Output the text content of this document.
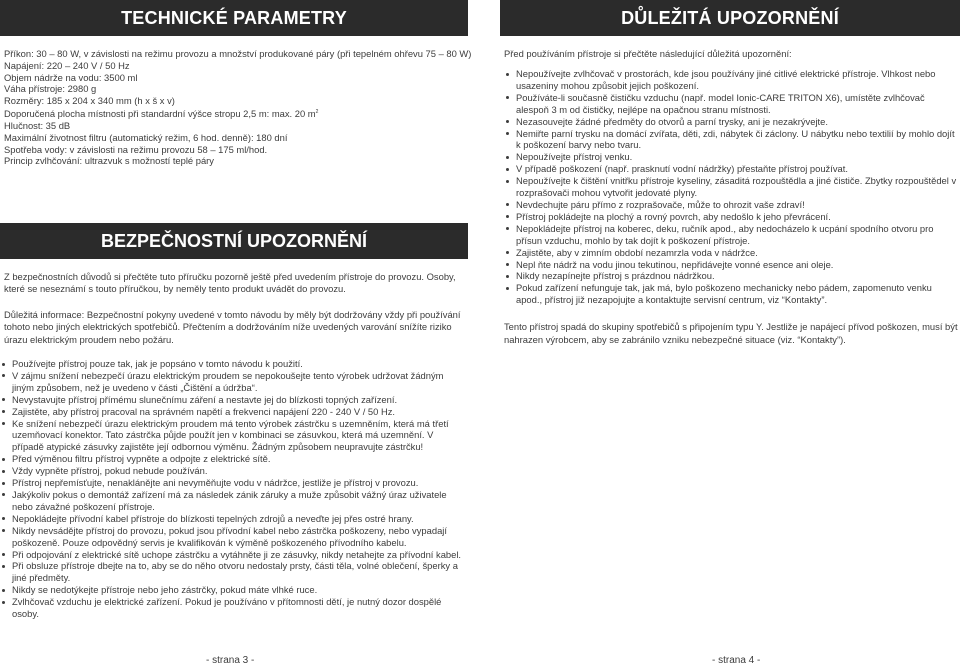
TECHNICKÉ PARAMETRY
Příkon: 30 – 80 W, v závislosti na režimu provozu a množství produkované páry (při tepelném ohřevu 75 – 80 W)
Napájení: 220 – 240 V / 50 Hz
Objem nádrže na vodu: 3500 ml
Váha přístroje: 2980 g
Rozměry: 185 x 204 x 340 mm (h x š x v)
Doporučená plocha místnosti při standardní výšce stropu 2,5 m: max. 20 $m^2$
Hlučnost: 35 dB
Maximální životnost filtru (automatický režim, 6 hod. denně): 180 dní
Spotřeba vody: v závislosti na režimu provozu 58 – 175 ml/hod.
Princip zvlhčování: ultrazvuk s možností teplé páry
BEZPEČNOSTNÍ UPOZORNĚNÍ

Z bezpečnostních důvodů si přečtěte tuto příručku pozorně ještě před uvedením přístroje do provozu. Osoby, které se neseznámí s touto příručkou, by neměly tento produkt uvádět do provozu.

Důležitá informace: Bezpečnostní pokyny uvedené v tomto návodu by měly být dodržovány vždy při používání tohoto nebo jiných elektrických spotřebičů. Přečtením a dodržováním níže uvedených varování snížíte riziko úrazu elektrickým proudem nebo požáru.

Používejte přístroj pouze tak, jak je popsáno v tomto návodu k použití.
V zájmu snížení nebezpečí úrazu elektrickým proudem se nepokoušejte tento výrobek udržovat žádným jiným způsobem, než je uvedeno v části „Čištění a údržba“.
Nevystavujte přístroj přímému slunečnímu záření a nestavte jej do blízkosti topných zařízení.
Zajistěte, aby přístroj pracoval na správném napětí a frekvenci napájení 220 - 240 V / 50 Hz.
Ke snížení nebezpečí úrazu elektrickým proudem má tento výrobek zástrčku s uzemněním, která má třetí uzemňovací konektor. Tato zástrčka půjde použít jen v kombinaci se zásuvkou, která má uzemnění. V případě atypické zásuvky zajistěte její odbornou výměnu. Žádným způsobem neupravujte zástrčku!
Před výměnou filtru přístroj vypněte a odpojte z elektrické sítě.
Vždy vypněte přístroj, pokud nebude používán.
Přístroj nepřemísťujte, nenaklánějte ani nevyměňujte vodu v nádržce, jestliže je přístroj v provozu.
Jakýkoliv pokus o demontáž zařízení má za následek zánik záruky a muže způsobit vážný úraz uživatele nebo závažné poškození přístroje.
Nepokládejte přívodní kabel přístroje do blízkosti tepelných zdrojů a neveďte jej přes ostré hrany.
Nikdy nevsádějte přístroj do provozu, pokud jsou přívodní kabel nebo zástrčka poškozeny, nebo vypadají poškozeně. Pouze odpovědný servis je kvalifikován k výměně poškozeného přívodního kabelu.
Při odpojování z elektrické sítě uchope zástrčku a vytáhněte ji ze zásuvky, nikdy netahejte za přívodní kabel.
Při obsluze přístroje dbejte na to, aby se do něho otvoru nedostaly prsty, části těla, volné oblečení, šperky a jiné předměty.
Nikdy se nedotýkejte přístroje nebo jeho zástrčky, pokud máte vlhké ruce.
Zvlhčovač vzduchu je elektrické zařízení. Pokud je používáno v přítomnosti dětí, je nutný dozor dospělé osoby.
- strana 3 -
DŮLEŽITÁ UPOZORNĚNÍ

Před používáním přístroje si přečtěte následující důležitá upozornění:

Nepoužívejte zvlhčovač v prostorách, kde jsou používány jiné citlivé elektrické přístroje. Vlhkost nebo usazeniny mohou způsobit jejich poškození.
Používáte-li současně čističku vzduchu (např. model Ionic-CARE TRITON X6), umístěte zvlhčovač alespoň 3 m od čističky, nejlépe na opačnou stranu místnosti.
Nezasouvejte žádné předměty do otvorů a parní trysky, ani je nezakrývejte.
Nemiřte parní trysku na domácí zvířata, děti, zdi, nábytek či záclony. U nábytku nebo textilií by mohlo dojít k poškození barvy nebo tvaru.
Nepoužívejte přístroj venku.
V případě poškození (např. prasknutí vodní nádržky) přestaňte přístroj používat.
Nepoužívejte k čištění vnitřku přístroje kyseliny, zásaditá rozpouštědla a jiné čističe. Zbytky rozpouštědel v rozprašovači mohou vytvořit jedovaté plyny.
Nevdechujte páru přímo z rozprašovače, může to ohrozit vaše zdraví!
Přístroj pokládejte na plochý a rovný povrch, aby nedošlo k jeho převrácení.
Nepokládejte přístroj na koberec, deku, ručník apod., aby nedocházelo k ucpání spodního otvoru pro přísun vzduchu, mohlo by tak dojít k poškození přístroje.
Zajistěte, aby v zimním období nezamrzla voda v nádržce.
Nepl ňte nádrž na vodu jinou tekutinou, nepřidávejte vonné esence ani oleje.
Nikdy nezapínejte přístroj s prázdnou nádržkou.
Pokud zařízení nefunguje tak, jak má, bylo poškozeno mechanicky nebo pádem, zapomenuto venku apod., přístroj již nezapojujte a kontaktujte servisní centrum, viz “Kontakty”.

Tento přístroj spadá do skupiny spotřebičů s připojením typu Y. Jestliže je napájecí přívod poškozen, musí být nahrazen výrobcem, aby se zabránilo vzniku nebezpečné situace (viz. “Kontakty”).

- strana 4 -
